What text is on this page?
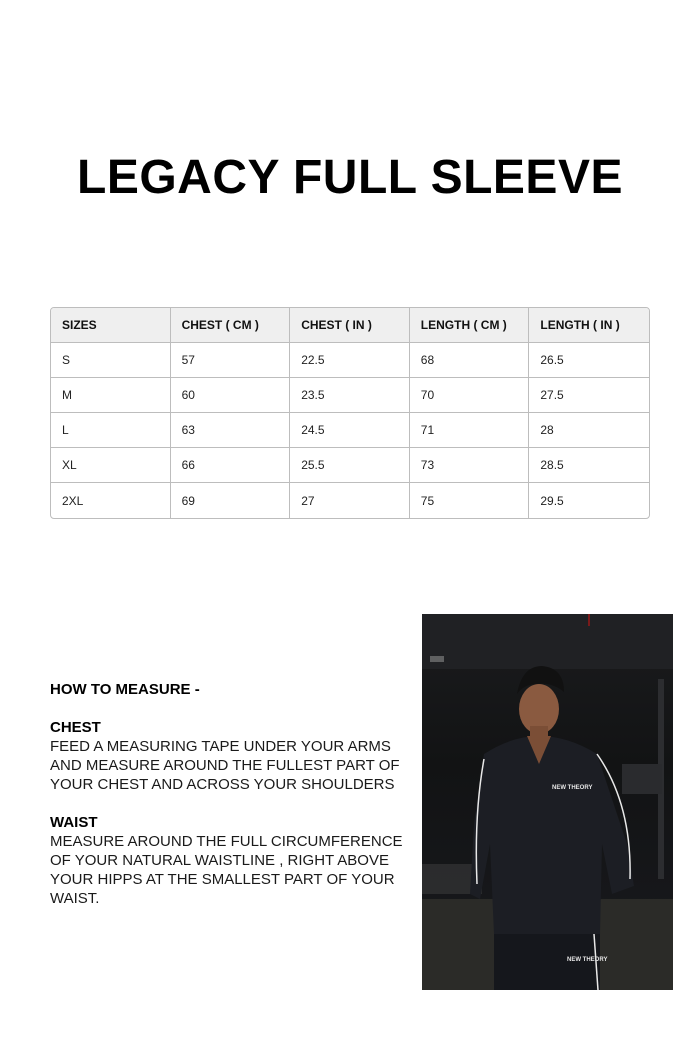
LEGACY FULL SLEEVE
SIZES	CHEST ( CM )	CHEST ( IN )	LENGTH ( CM )	LENGTH ( IN )
S	57	22.5	68	26.5
M	60	23.5	70	27.5
L	63	24.5	71	28
XL	66	25.5	73	28.5
2XL	69	27	75	29.5
HOW TO MEASURE -
CHEST
FEED A MEASURING TAPE UNDER YOUR ARMS AND MEASURE AROUND THE FULLEST PART OF YOUR CHEST AND ACROSS YOUR SHOULDERS
WAIST
MEASURE AROUND THE FULL CIRCUMFERENCE OF YOUR NATURAL WAISTLINE , RIGHT ABOVE YOUR HIPPS AT THE SMALLEST PART OF YOUR WAIST.
NEW THEORY
NEW THEORY
